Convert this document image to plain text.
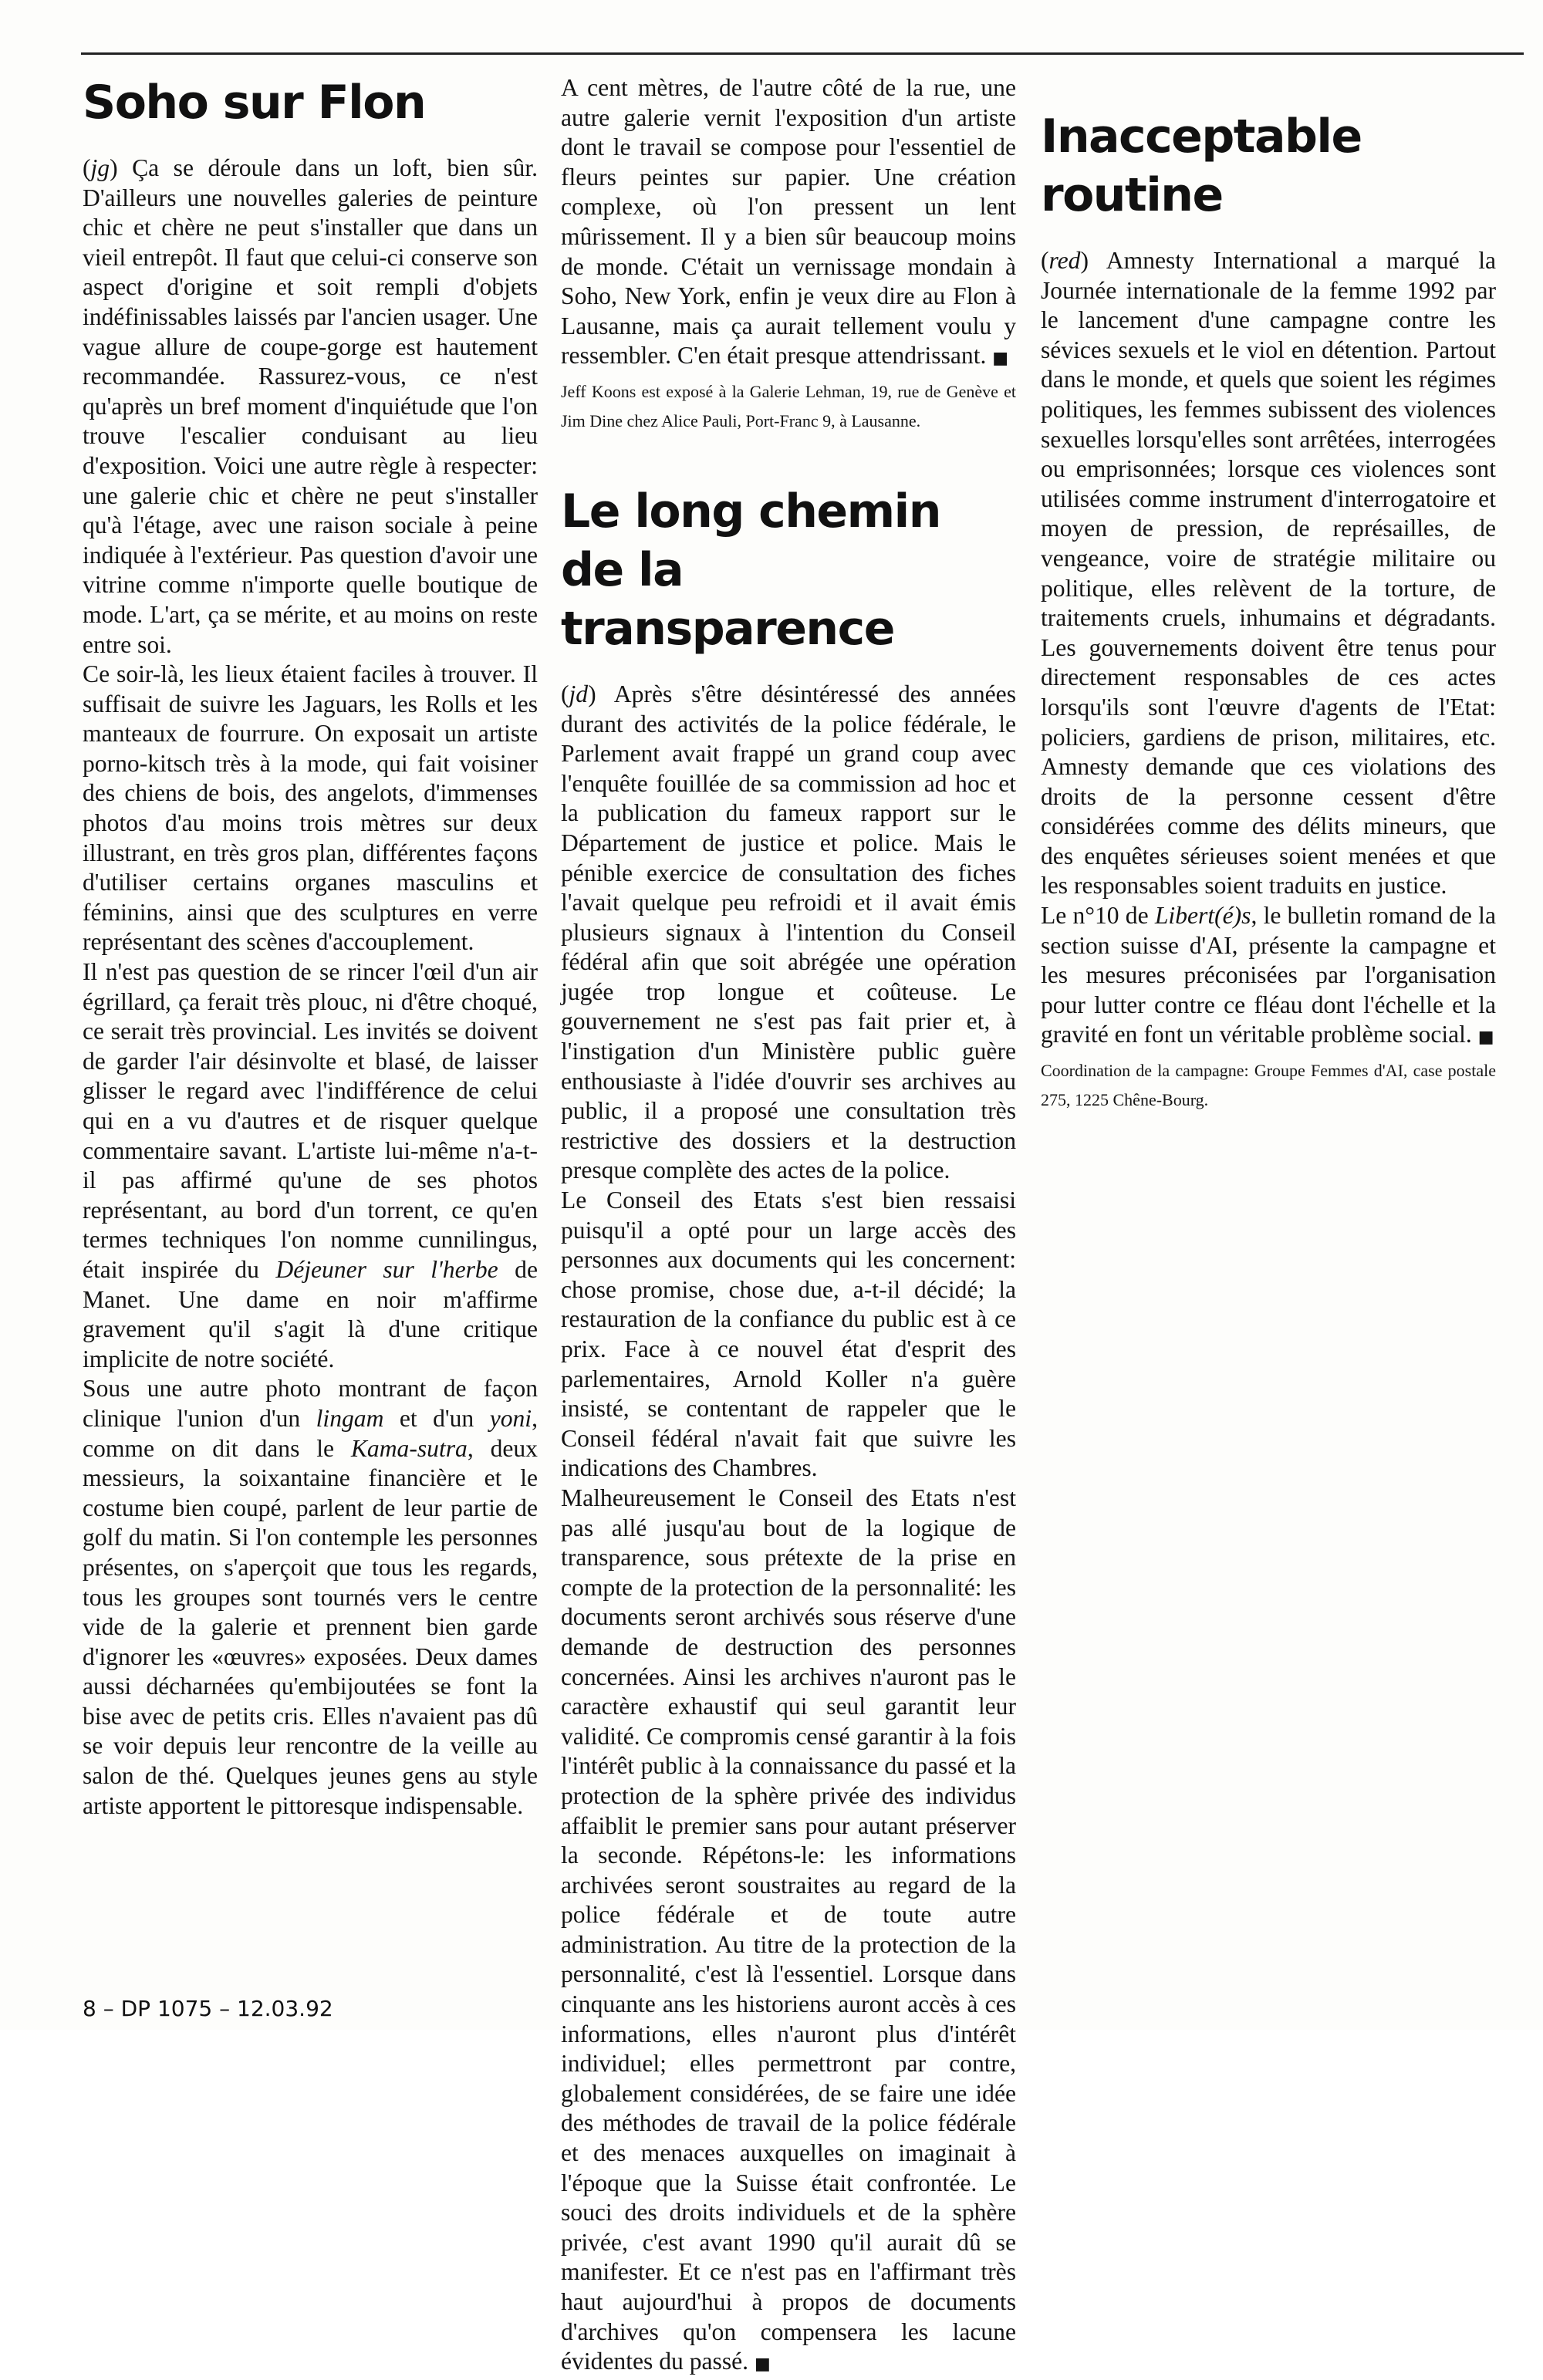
Soho sur Flon

(jg) Ça se déroule dans un loft, bien sûr. D'ailleurs une nouvelles galeries de peinture chic et chère ne peut s'installer que dans un vieil entrepôt. Il faut que celui-ci conserve son aspect d'origine et soit rempli d'objets indéfinissables laissés par l'ancien usager. Une vague allure de coupe-gorge est hautement recommandée. Rassurez-vous, ce n'est qu'après un bref moment d'inquiétude que l'on trouve l'escalier conduisant au lieu d'exposition. Voici une autre règle à respecter: une galerie chic et chère ne peut s'installer qu'à l'étage, avec une raison sociale à peine indiquée à l'extérieur. Pas question d'avoir une vitrine comme n'importe quelle boutique de mode. L'art, ça se mérite, et au moins on reste entre soi.

Ce soir-là, les lieux étaient faciles à trouver. Il suffisait de suivre les Jaguars, les Rolls et les manteaux de fourrure. On exposait un artiste porno-kitsch très à la mode, qui fait voisiner des chiens de bois, des angelots, d'immenses photos d'au moins trois mètres sur deux illustrant, en très gros plan, différentes façons d'utiliser certains organes masculins et féminins, ainsi que des sculptures en verre représentant des scènes d'accouplement.

Il n'est pas question de se rincer l'œil d'un air égrillard, ça ferait très plouc, ni d'être choqué, ce serait très provincial. Les invités se doivent de garder l'air désinvolte et blasé, de laisser glisser le regard avec l'indifférence de celui qui en a vu d'autres et de risquer quelque commentaire savant. L'artiste lui-même n'a-t-il pas affirmé qu'une de ses photos représentant, au bord d'un torrent, ce qu'en termes techniques l'on nomme cunnilingus, était inspirée du Déjeuner sur l'herbe de Manet. Une dame en noir m'affirme gravement qu'il s'agit là d'une critique implicite de notre société.

Sous une autre photo montrant de façon clinique l'union d'un lingam et d'un yoni, comme on dit dans le Kama-sutra, deux messieurs, la soixantaine financière et le costume bien coupé, parlent de leur partie de golf du matin. Si l'on contemple les personnes présentes, on s'aperçoit que tous les regards, tous les groupes sont tournés vers le centre vide de la galerie et prennent bien garde d'ignorer les «œuvres» exposées. Deux dames aussi décharnées qu'embijoutées se font la bise avec de petits cris. Elles n'avaient pas dû se voir depuis leur rencontre de la veille au salon de thé. Quelques jeunes gens au style artiste apportent le pittoresque indispensable.

A cent mètres, de l'autre côté de la rue, une autre galerie vernit l'exposition d'un artiste dont le travail se compose pour l'essentiel de fleurs peintes sur papier. Une création complexe, où l'on pressent un lent mûrissement. Il y a bien sûr beaucoup moins de monde. C'était un vernissage mondain à Soho, New York, enfin je veux dire au Flon à Lausanne, mais ça aurait tellement voulu y ressembler. C'en était presque attendrissant. ■

Jeff Koons est exposé à la Galerie Lehman, 19, rue de Genève et Jim Dine chez Alice Pauli, Port-Franc 9, à Lausanne.

Le long chemin de la transparence

(jd) Après s'être désintéressé des années durant des activités de la police fédérale, le Parlement avait frappé un grand coup avec l'enquête fouillée de sa commission ad hoc et la publication du fameux rapport sur le Département de justice et police. Mais le pénible exercice de consultation des fiches l'avait quelque peu refroidi et il avait émis plusieurs signaux à l'intention du Conseil fédéral afin que soit abrégée une opération jugée trop longue et coûteuse. Le gouvernement ne s'est pas fait prier et, à l'instigation d'un Ministère public guère enthousiaste à l'idée d'ouvrir ses archives au public, il a proposé une consultation très restrictive des dossiers et la destruction presque complète des actes de la police.

Le Conseil des Etats s'est bien ressaisi puisqu'il a opté pour un large accès des personnes aux documents qui les concernent: chose promise, chose due, a-t-il décidé; la restauration de la confiance du public est à ce prix. Face à ce nouvel état d'esprit des parlementaires, Arnold Koller n'a guère insisté, se contentant de rappeler que le Conseil fédéral n'avait fait que suivre les indications des Chambres.

Malheureusement le Conseil des Etats n'est pas allé jusqu'au bout de la logique de transparence, sous prétexte de la prise en compte de la protection de la personnalité: les documents seront archivés sous réserve d'une demande de destruction des personnes concernées. Ainsi les archives n'auront pas le caractère exhaustif qui seul garantit leur validité. Ce compromis censé garantir à la fois l'intérêt public à la connaissance du passé et la protection de la sphère privée des individus affaiblit le premier sans pour autant préserver la seconde. Répétons-le: les informations archivées seront soustraites au regard de la police fédérale et de toute autre administration. Au titre de la protection de la personnalité, c'est là l'essentiel. Lorsque dans cinquante ans les historiens auront accès à ces informations, elles n'auront plus d'intérêt individuel; elles permettront par contre, globalement considérées, de se faire une idée des méthodes de travail de la police fédérale et des menaces auxquelles on imaginait à l'époque que la Suisse était confrontée. Le souci des droits individuels et de la sphère privée, c'est avant 1990 qu'il aurait dû se manifester. Et ce n'est pas en l'affirmant très haut aujourd'hui à propos de documents d'archives qu'on compensera les lacune évidentes du passé. ■

Inacceptable routine

(red) Amnesty International a marqué la Journée internationale de la femme 1992 par le lancement d'une campagne contre les sévices sexuels et le viol en détention. Partout dans le monde, et quels que soient les régimes politiques, les femmes subissent des violences sexuelles lorsqu'elles sont arrêtées, interrogées ou emprisonnées; lorsque ces violences sont utilisées comme instrument d'interrogatoire et moyen de pression, de représailles, de vengeance, voire de stratégie militaire ou politique, elles relèvent de la torture, de traitements cruels, inhumains et dégradants. Les gouvernements doivent être tenus pour directement responsables de ces actes lorsqu'ils sont l'œuvre d'agents de l'Etat: policiers, gardiens de prison, militaires, etc. Amnesty demande que ces violations des droits de la personne cessent d'être considérées comme des délits mineurs, que des enquêtes sérieuses soient menées et que les responsables soient traduits en justice.

Le n°10 de Libert(é)s, le bulletin romand de la section suisse d'AI, présente la campagne et les mesures préconisées par l'organisation pour lutter contre ce fléau dont l'échelle et la gravité en font un véritable problème social. ■

Coordination de la campagne: Groupe Femmes d'AI, case postale 275, 1225 Chêne-Bourg.

8 – DP 1075 – 12.03.92
